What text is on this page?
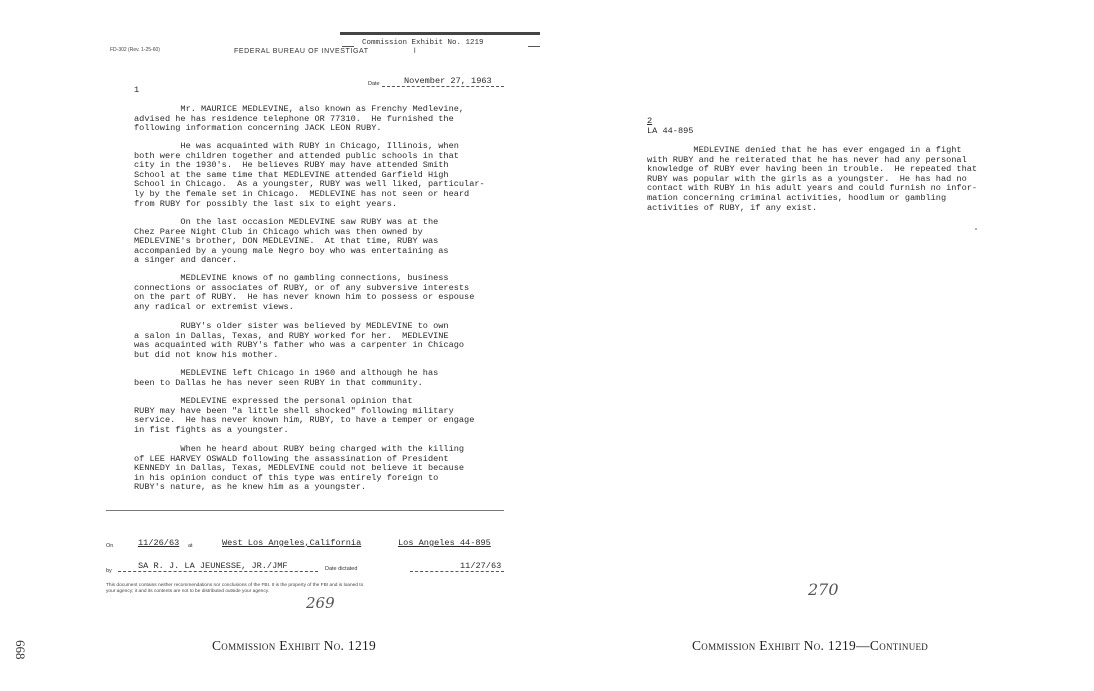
Commission Exhibit No. 1219
FD-302 (Rev. 1-25-60)	FEDERAL BUREAU OF INVESTIGAT	l
Date	November 27, 1963
1
Mr. MAURICE MEDLEVINE, also known as Frenchy Medlevine,
advised he has residence telephone OR 77310.  He furnished the
following information concerning JACK LEON RUBY.
He was acquainted with RUBY in Chicago, Illinois, when
both were children together and attended public schools in that
city in the 1930's.  He believes RUBY may have attended Smith
School at the same time that MEDLEVINE attended Garfield High
School in Chicago.  As a youngster, RUBY was well liked, particular-
ly by the female set in Chicago.  MEDLEVINE has not seen or heard
from RUBY for possibly the last six to eight years.
On the last occasion MEDLEVINE saw RUBY was at the
Chez Paree Night Club in Chicago which was then owned by
MEDLEVINE's brother, DON MEDLEVINE.  At that time, RUBY was
accompanied by a young male Negro boy who was entertaining as
a singer and dancer.
MEDLEVINE knows of no gambling connections, business
connections or associates of RUBY, or of any subversive interests
on the part of RUBY.  He has never known him to possess or espouse
any radical or extremist views.
RUBY's older sister was believed by MEDLEVINE to own
a salon in Dallas, Texas, and RUBY worked for her.  MEDLEVINE
was acquainted with RUBY's father who was a carpenter in Chicago
but did not know his mother.
MEDLEVINE left Chicago in 1960 and although he has
been to Dallas he has never seen RUBY in that community.
MEDLEVINE expressed the personal opinion that
RUBY may have been "a little shell shocked" following military
service.  He has never known him, RUBY, to have a temper or engage
in fist fights as a youngster.
When he heard about RUBY being charged with the killing
of LEE HARVEY OSWALD following the assassination of President
KENNEDY in Dallas, Texas, MEDLEVINE could not believe it because
in his opinion conduct of this type was entirely foreign to
RUBY's nature, as he knew him as a youngster.
On	11/26/63 at	West Los Angeles,California	Los Angeles 44-895
by	SA R. J. LA JEUNESSE, JR./JMF	Date dictated	11/27/63
This document contains neither recommendations nor conclusions of the FBI. It is the property of the FBI and is loaned to
your agency; it and its contents are not to be distributed outside your agency.
269
Commission Exhibit No. 1219
668
2
LA 44-895
MEDLEVINE denied that he has ever engaged in a fight
with RUBY and he reiterated that he has never had any personal
knowledge of RUBY ever having been in trouble.  He repeated that
RUBY was popular with the girls as a youngster.  He has had no
contact with RUBY in his adult years and could furnish no infor-
mation concerning criminal activities, hoodlum or gambling
activities of RUBY, if any exist.
270
Commission Exhibit No. 1219—Continued
